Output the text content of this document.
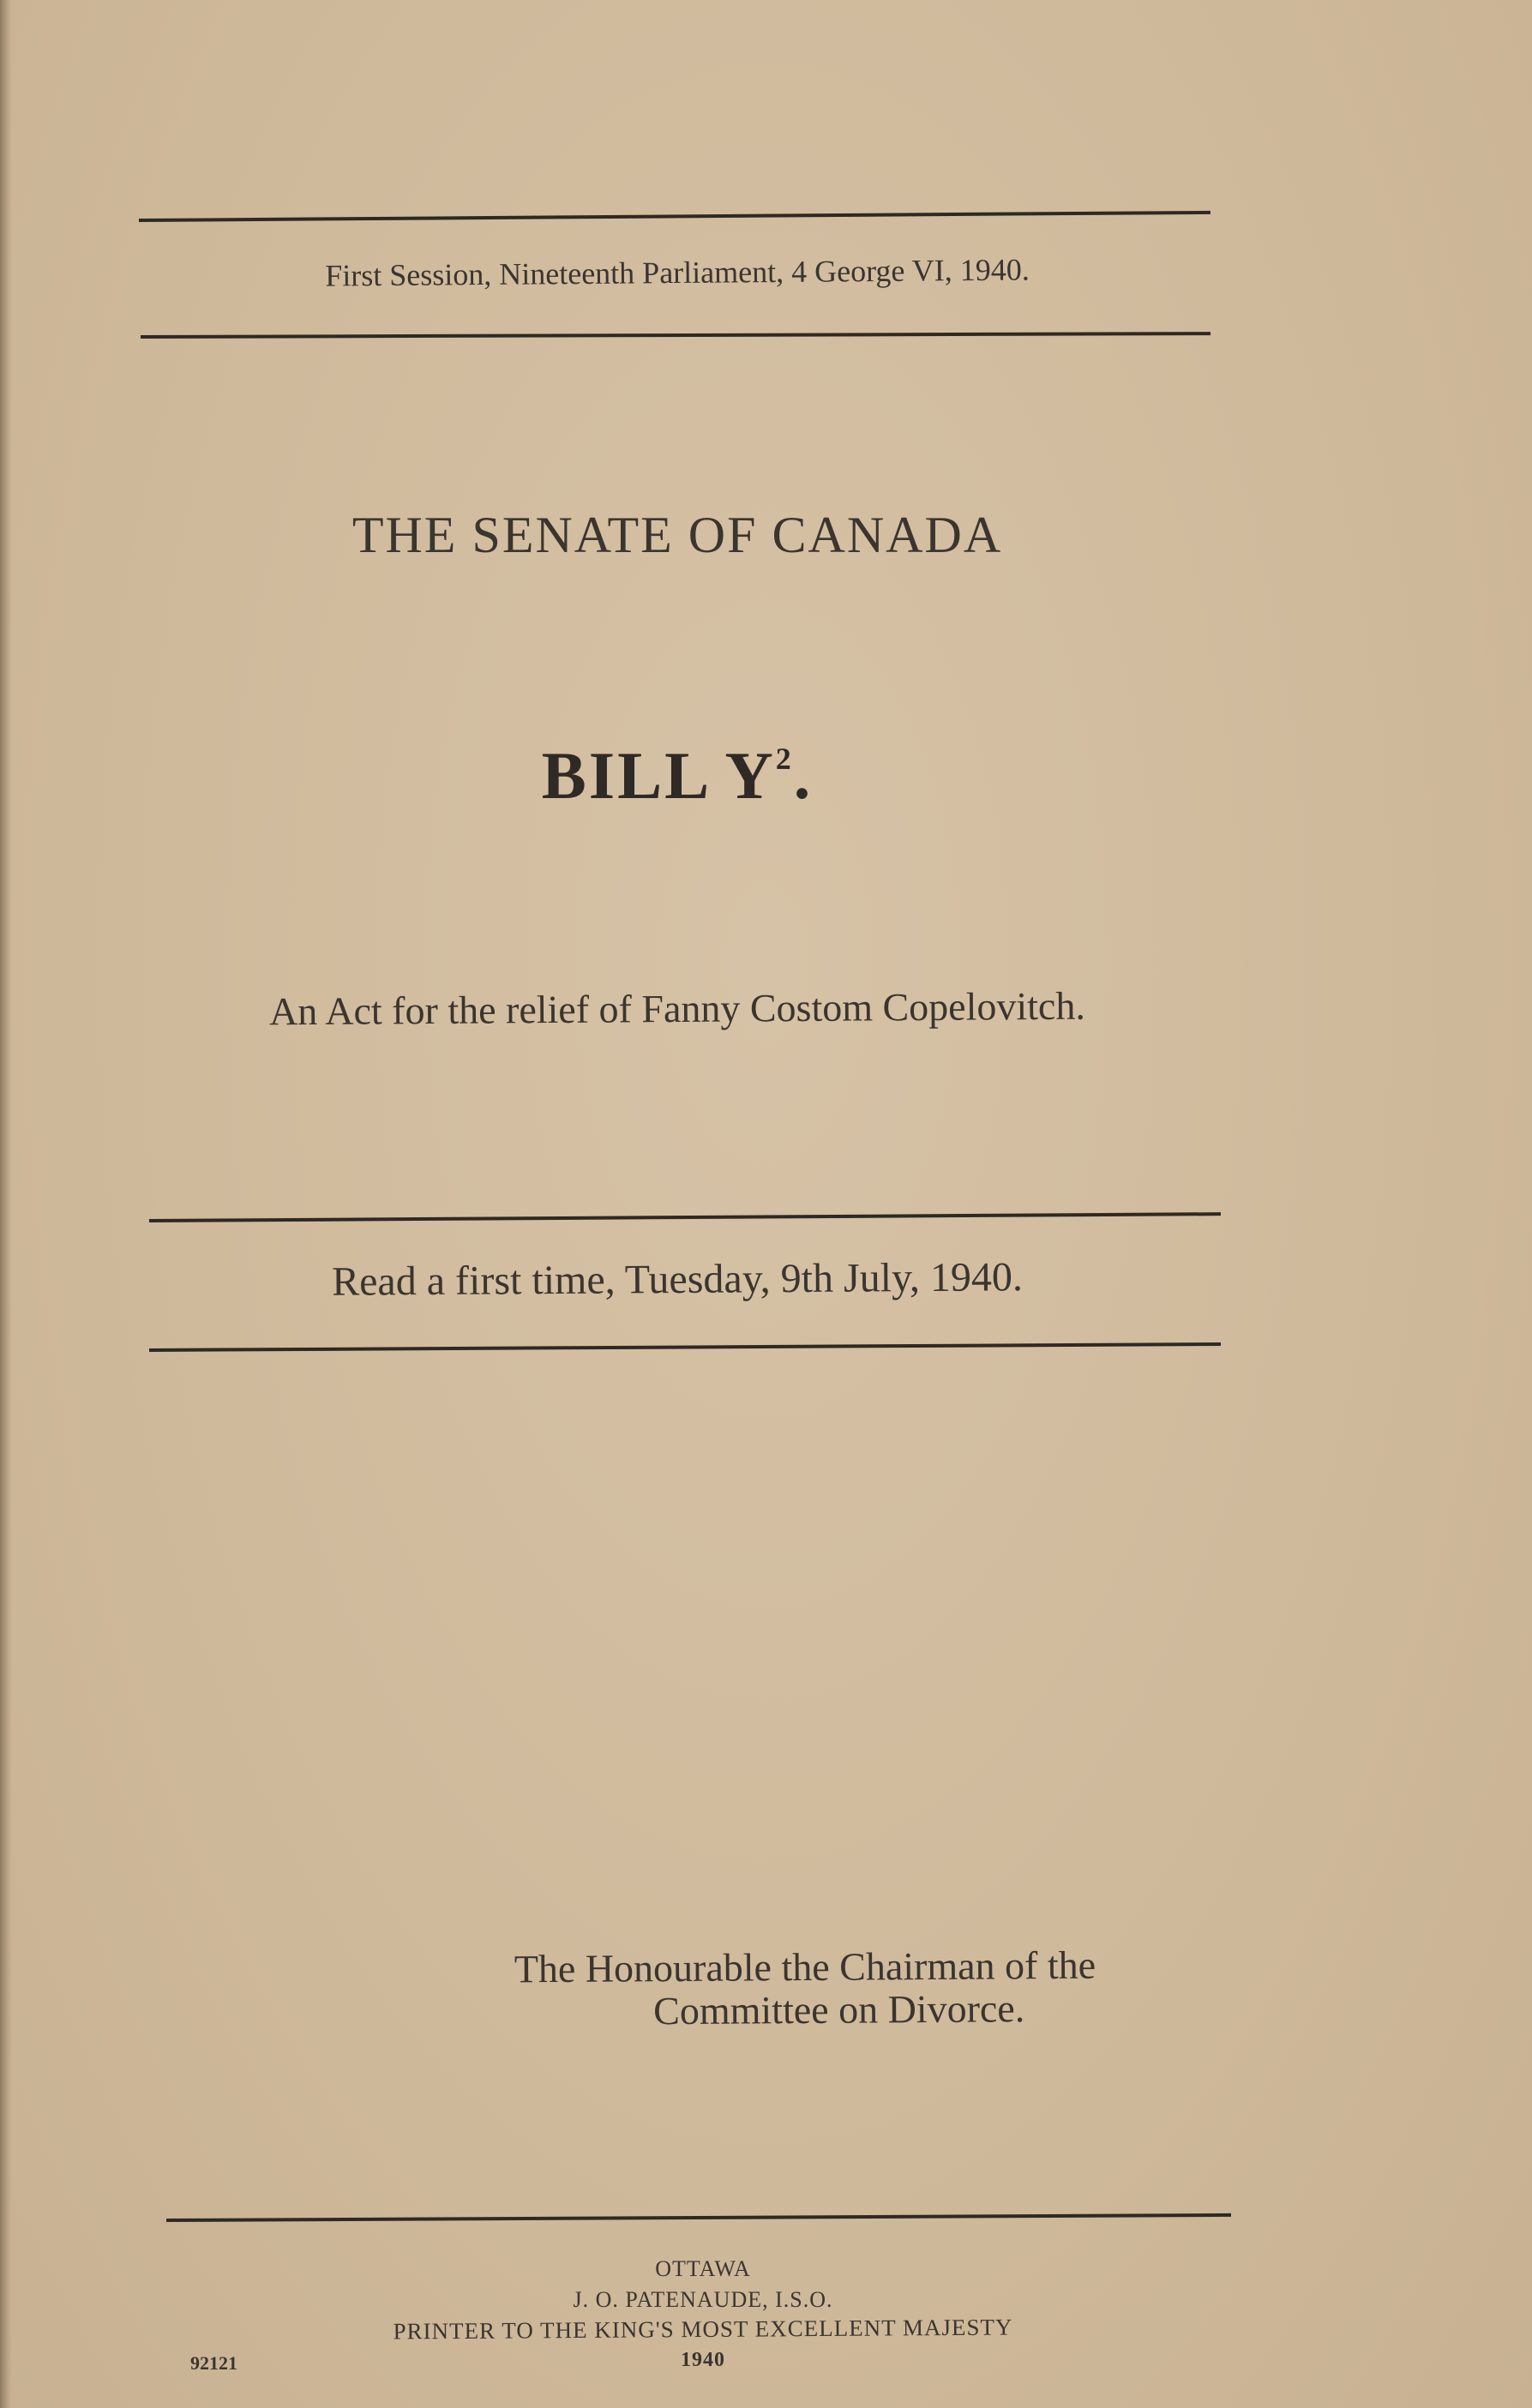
First Session, Nineteenth Parliament, 4 George VI, 1940.
THE SENATE OF CANADA
BILL $Y^2$.
An Act for the relief of Fanny Costom Copelovitch.
Read a first time, Tuesday, 9th July, 1940.
The Honourable the Chairman of the
Committee on Divorce.
OTTAWA
J. O. PATENAUDE, I.S.O.
PRINTER TO THE KING'S MOST EXCELLENT MAJESTY
1940
92121
